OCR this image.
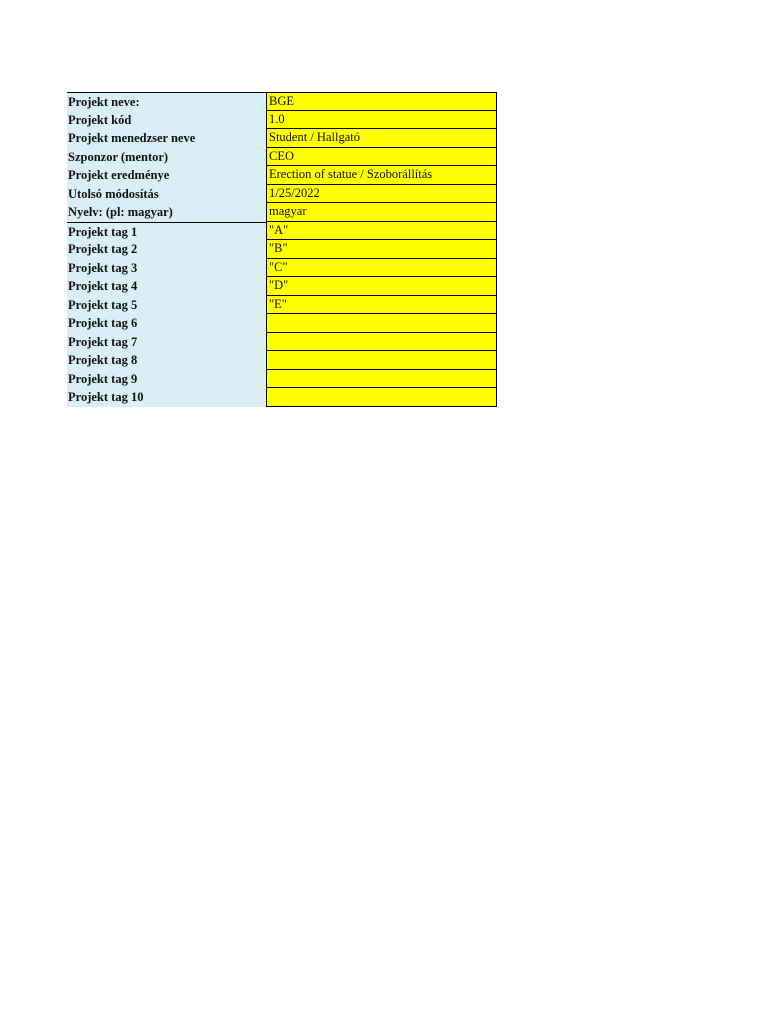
Projekt neve:	BGE
Projekt kód	1.0
Projekt menedzser neve	Student / Hallgató
Szponzor (mentor)	CEO
Projekt eredménye	Erection of statue / Szoborállítás
Utolsó módosítás	1/25/2022
Nyelv: (pl: magyar)	magyar
Projekt tag 1	"A"
Projekt tag 2	"B"
Projekt tag 3	"C"
Projekt tag 4	"D"
Projekt tag 5	"E"
Projekt tag 6
Projekt tag 7
Projekt tag 8
Projekt tag 9
Projekt tag 10
